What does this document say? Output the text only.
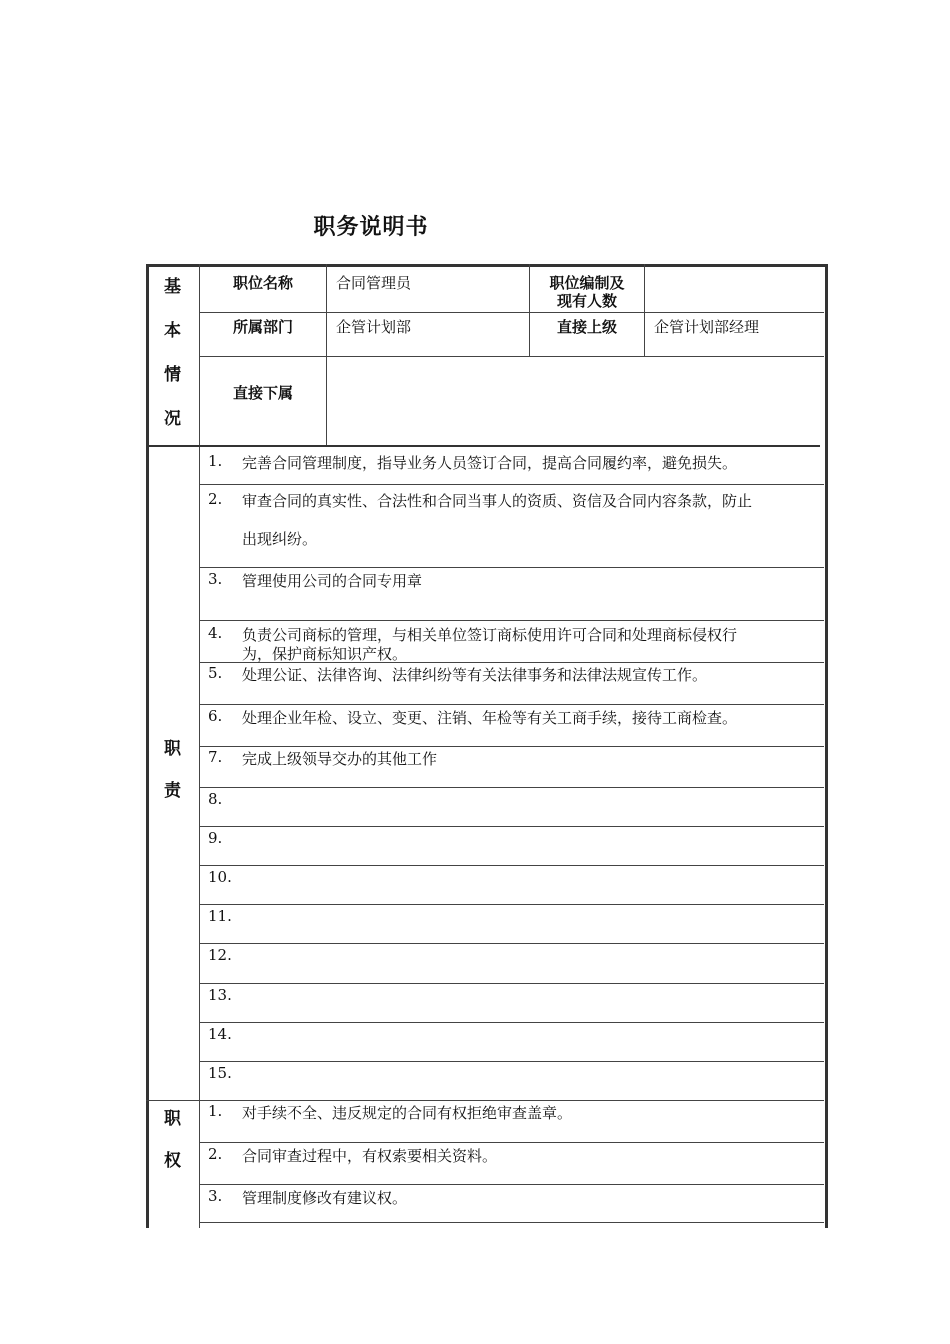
职务说明书
基
本
情
况
职位名称	合同管理员	职位编制及
现有人数
所属部门	企管计划部	直接上级	企管计划部经理
直接下属
职
责
1.	完善合同管理制度，指导业务人员签订合同，提高合同履约率，避免损失。
2.	审查合同的真实性、合法性和合同当事人的资质、资信及合同内容条款，防止
出现纠纷。
3.	管理使用公司的合同专用章
4.	负责公司商标的管理，与相关单位签订商标使用许可合同和处理商标侵权行
为，保护商标知识产权。
5.	处理公证、法律咨询、法律纠纷等有关法律事务和法律法规宣传工作。
6.	处理企业年检、设立、变更、注销、年检等有关工商手续，接待工商检查。
7.	完成上级领导交办的其他工作
8.
9.
10.
11.
12.
13.
14.
15.
职
权
1.	对手续不全、违反规定的合同有权拒绝审查盖章。
2.	合同审查过程中，有权索要相关资料。
3.	管理制度修改有建议权。
